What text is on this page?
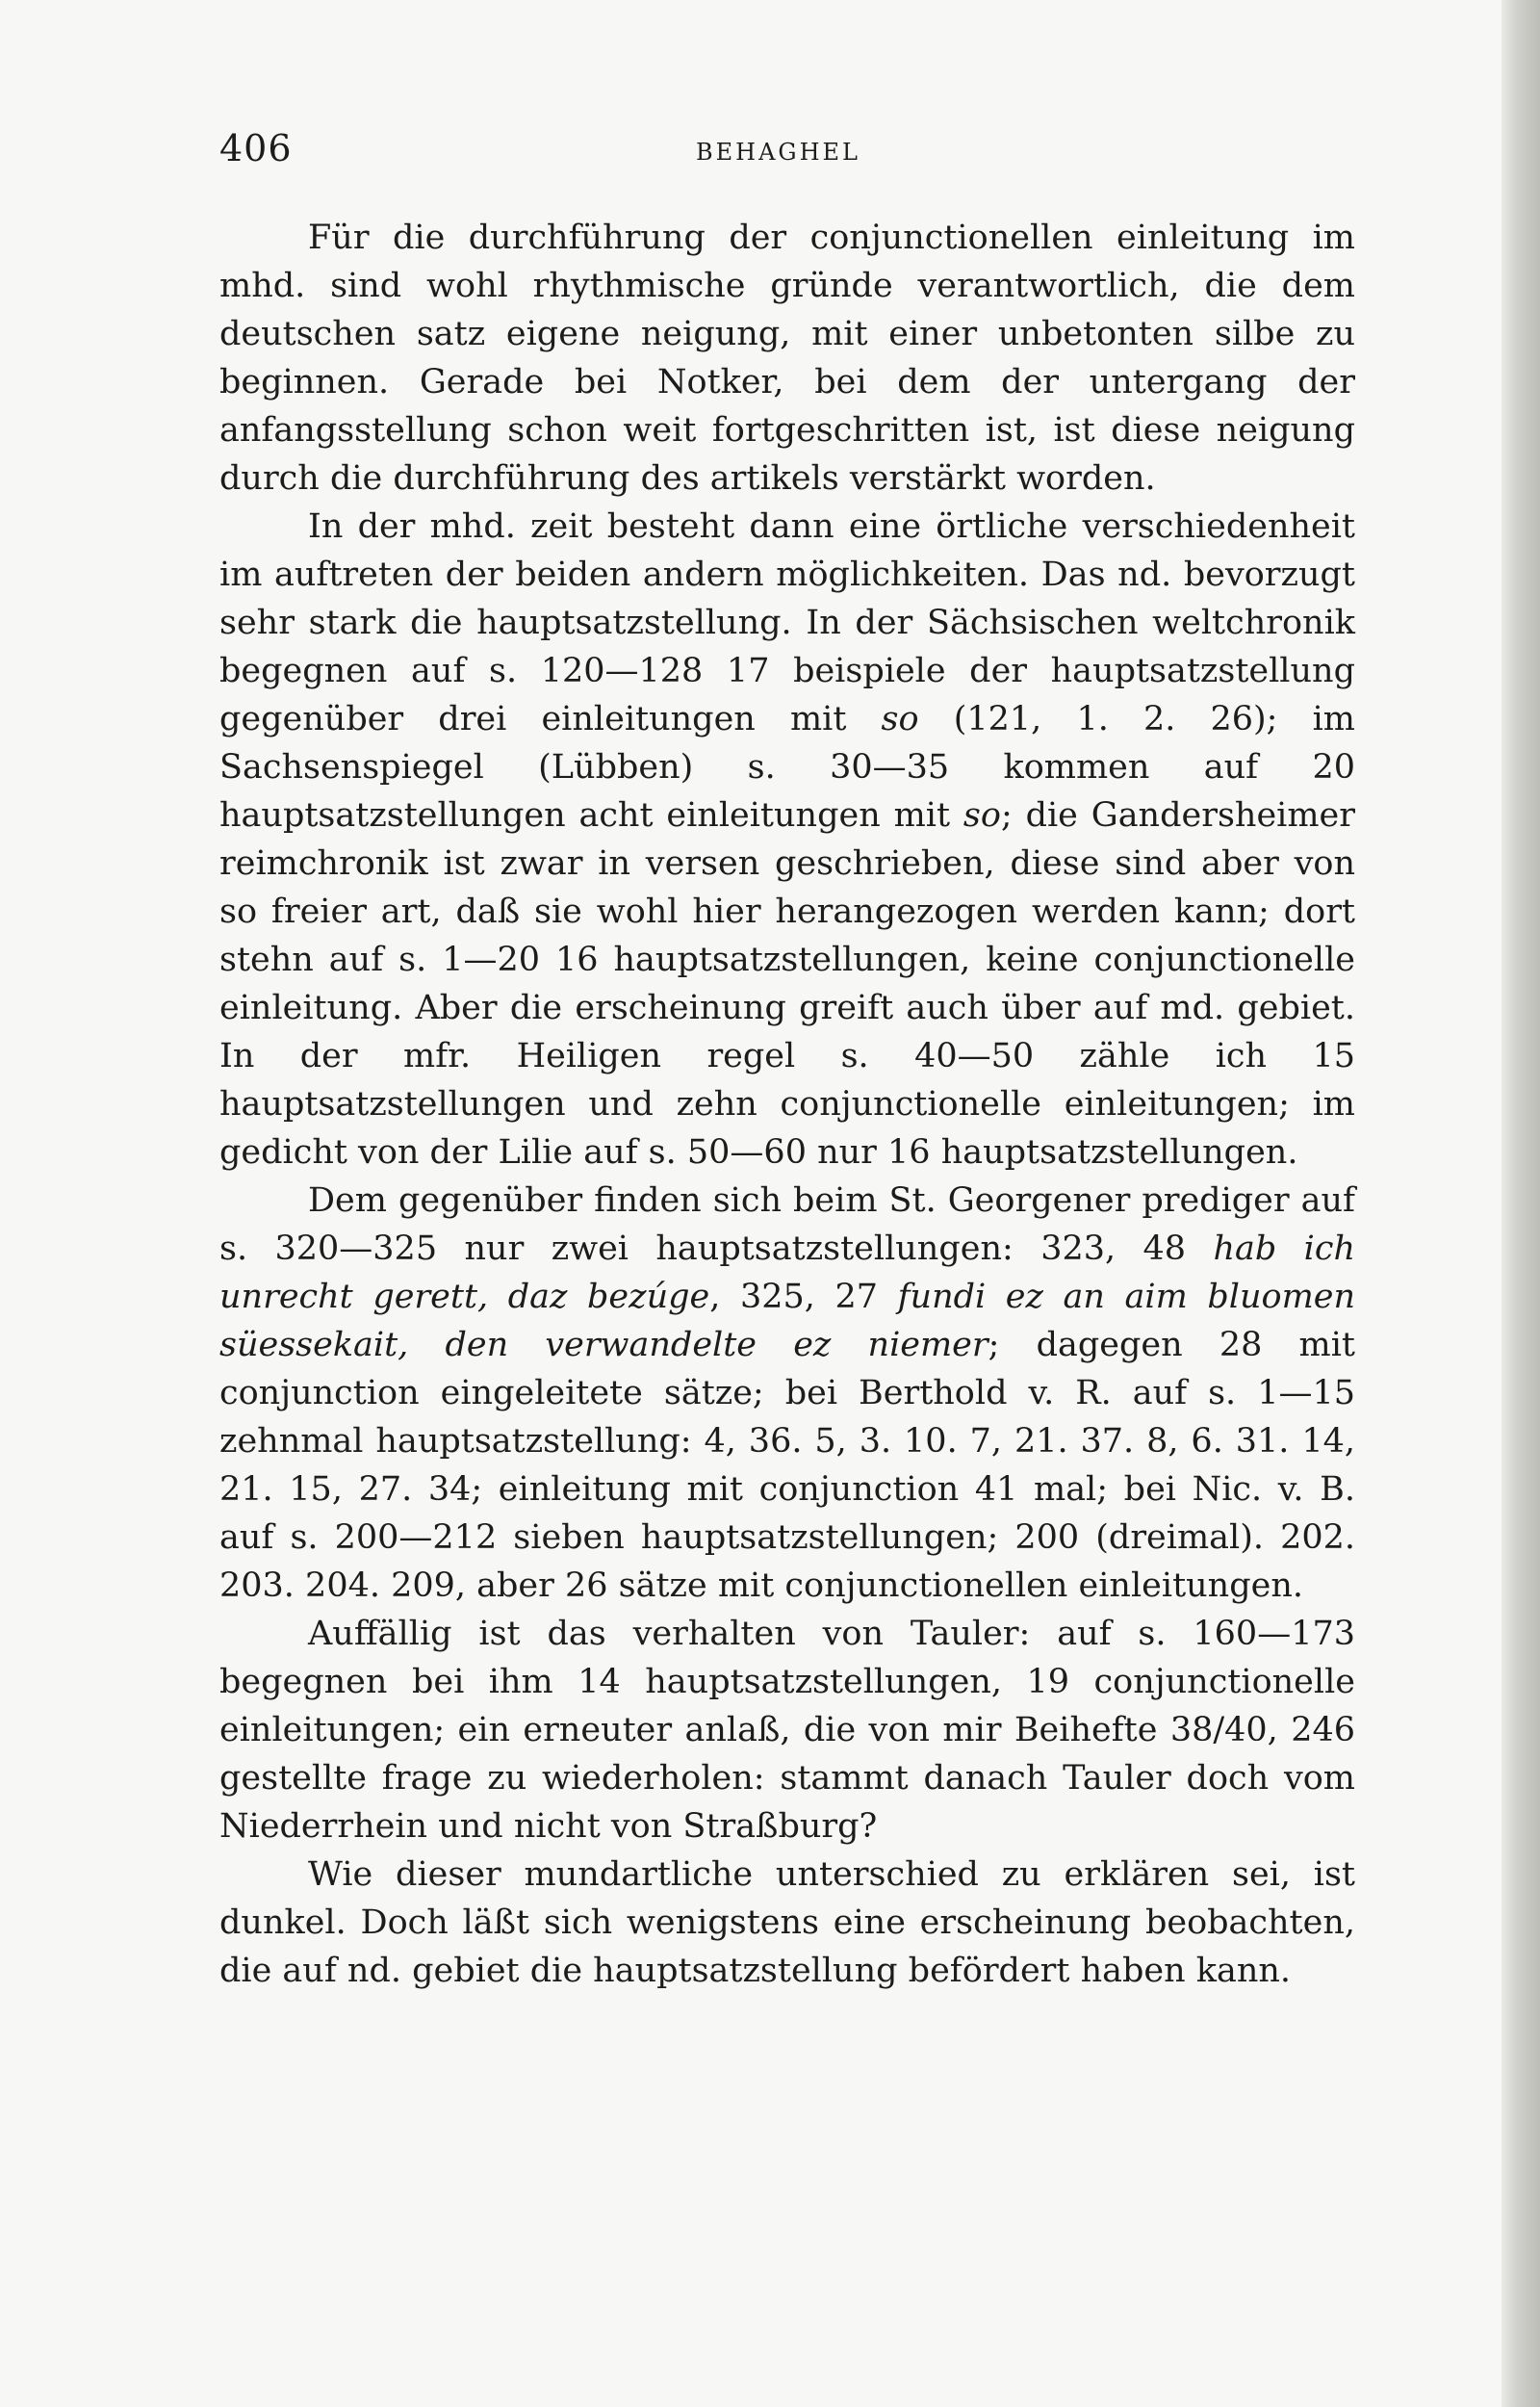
406	BEHAGHEL

Für die durchführung der conjunctionellen einleitung im mhd. sind wohl rhythmische gründe verantwortlich, die dem deutschen satz eigene neigung, mit einer unbetonten silbe zu beginnen. Gerade bei Notker, bei dem der untergang der anfangsstellung schon weit fortgeschritten ist, ist diese neigung durch die durchführung des artikels verstärkt worden.

In der mhd. zeit besteht dann eine örtliche verschiedenheit im auftreten der beiden andern möglichkeiten. Das nd. bevorzugt sehr stark die hauptsatzstellung. In der Sächsischen weltchronik begegnen auf s. 120—128 17 beispiele der hauptsatzstellung gegenüber drei einleitungen mit so (121, 1. 2. 26); im Sachsenspiegel (Lübben) s. 30—35 kommen auf 20 hauptsatzstellungen acht einleitungen mit so; die Gandersheimer reimchronik ist zwar in versen geschrieben, diese sind aber von so freier art, daß sie wohl hier herangezogen werden kann; dort stehn auf s. 1—20 16 hauptsatzstellungen, keine conjunctionelle einleitung. Aber die erscheinung greift auch über auf md. gebiet. In der mfr. Heiligen regel s. 40—50 zähle ich 15 hauptsatzstellungen und zehn conjunctionelle einleitungen; im gedicht von der Lilie auf s. 50—60 nur 16 hauptsatzstellungen.

Dem gegenüber finden sich beim St. Georgener prediger auf s. 320—325 nur zwei hauptsatzstellungen: 323, 48 hab ich unrecht gerett, daz bezúge, 325, 27 fundi ez an aim bluomen süessekait, den verwandelte ez niemer; dagegen 28 mit conjunction eingeleitete sätze; bei Berthold v. R. auf s. 1—15 zehnmal hauptsatzstellung: 4, 36. 5, 3. 10. 7, 21. 37. 8, 6. 31. 14, 21. 15, 27. 34; einleitung mit conjunction 41 mal; bei Nic. v. B. auf s. 200—212 sieben hauptsatzstellungen; 200 (dreimal). 202. 203. 204. 209, aber 26 sätze mit conjunctionellen einleitungen.

Auffällig ist das verhalten von Tauler: auf s. 160—173 begegnen bei ihm 14 hauptsatzstellungen, 19 conjunctionelle einleitungen; ein erneuter anlaß, die von mir Beihefte 38/40, 246 gestellte frage zu wiederholen: stammt danach Tauler doch vom Niederrhein und nicht von Straßburg?

Wie dieser mundartliche unterschied zu erklären sei, ist dunkel. Doch läßt sich wenigstens eine erscheinung beobachten, die auf nd. gebiet die hauptsatzstellung befördert haben kann.
